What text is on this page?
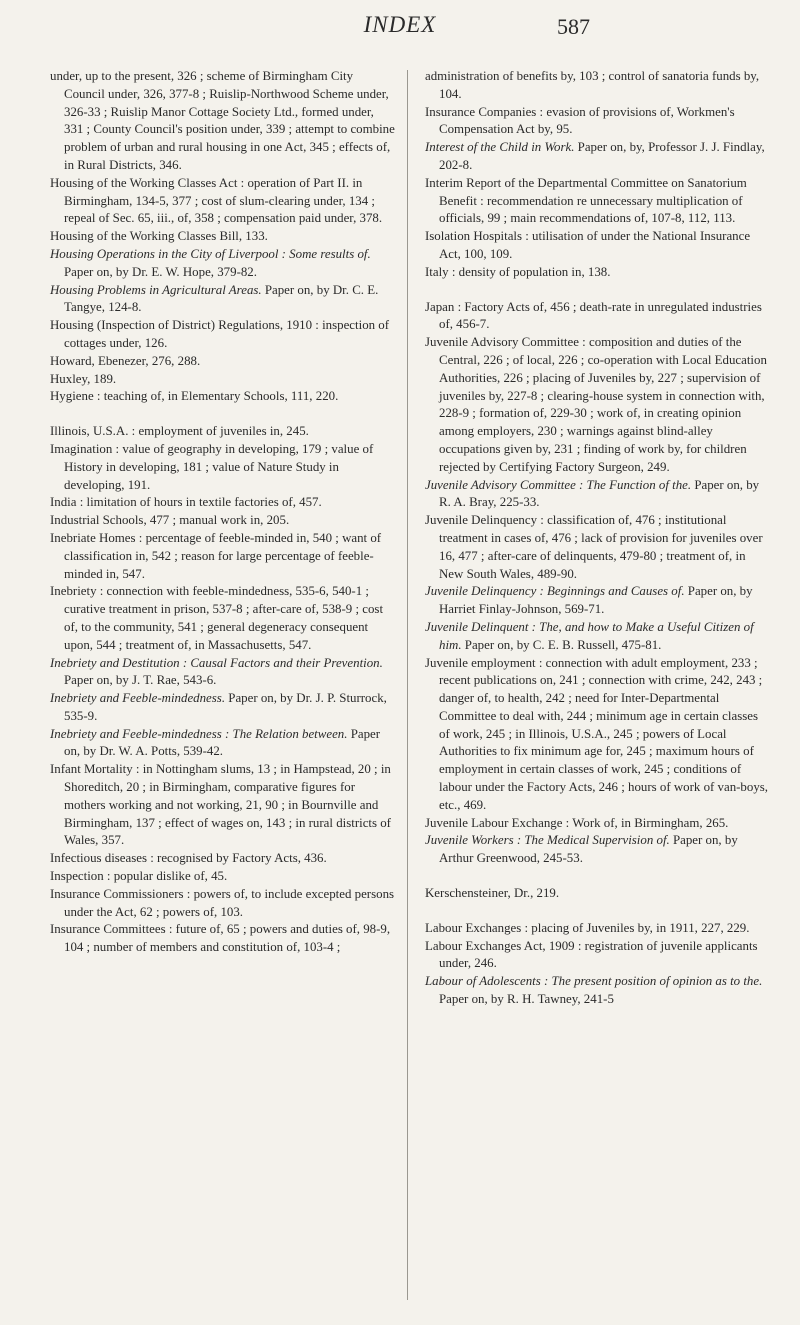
INDEX	587

under, up to the present, 326 ; scheme of Birmingham City Council under, 326, 377-8 ; Ruislip-Northwood Scheme under, 326-33 ; Ruislip Manor Cottage Society Ltd., formed under, 331 ; County Council's position under, 339 ; attempt to combine problem of urban and rural housing in one Act, 345 ; effects of, in Rural Districts, 346.

Housing of the Working Classes Act : operation of Part II. in Birmingham, 134-5, 377 ; cost of slum-clearing under, 134 ; repeal of Sec. 65, iii., of, 358 ; compensation paid under, 378.

Housing of the Working Classes Bill, 133.

Housing Operations in the City of Liverpool : Some results of. Paper on, by Dr. E. W. Hope, 379-82.

Housing Problems in Agricultural Areas. Paper on, by Dr. C. E. Tangye, 124-8.

Housing (Inspection of District) Regulations, 1910 : inspection of cottages under, 126.

Howard, Ebenezer, 276, 288.

Huxley, 189.

Hygiene : teaching of, in Elementary Schools, 111, 220.

Illinois, U.S.A. : employment of juveniles in, 245.

Imagination : value of geography in developing, 179 ; value of History in developing, 181 ; value of Nature Study in developing, 191.

India : limitation of hours in textile factories of, 457.

Industrial Schools, 477 ; manual work in, 205.

Inebriate Homes : percentage of feeble-minded in, 540 ; want of classification in, 542 ; reason for large percentage of feeble-minded in, 547.

Inebriety : connection with feeble-mindedness, 535-6, 540-1 ; curative treatment in prison, 537-8 ; after-care of, 538-9 ; cost of, to the community, 541 ; general degeneracy consequent upon, 544 ; treatment of, in Massachusetts, 547.

Inebriety and Destitution : Causal Factors and their Prevention. Paper on, by J. T. Rae, 543-6.

Inebriety and Feeble-mindedness. Paper on, by Dr. J. P. Sturrock, 535-9.

Inebriety and Feeble-mindedness : The Relation between. Paper on, by Dr. W. A. Potts, 539-42.

Infant Mortality : in Nottingham slums, 13 ; in Hampstead, 20 ; in Shoreditch, 20 ; in Birmingham, comparative figures for mothers working and not working, 21, 90 ; in Bournville and Birmingham, 137 ; effect of wages on, 143 ; in rural districts of Wales, 357.

Infectious diseases : recognised by Factory Acts, 436.

Inspection : popular dislike of, 45.

Insurance Commissioners : powers of, to include excepted persons under the Act, 62 ; powers of, 103.

Insurance Committees : future of, 65 ; powers and duties of, 98-9, 104 ; number of members and constitution of, 103-4 ;

administration of benefits by, 103 ; control of sanatoria funds by, 104.

Insurance Companies : evasion of provisions of, Workmen's Compensation Act by, 95.

Interest of the Child in Work. Paper on, by, Professor J. J. Findlay, 202-8.

Interim Report of the Departmental Committee on Sanatorium Benefit : recommendation re unnecessary multiplication of officials, 99 ; main recommendations of, 107-8, 112, 113.

Isolation Hospitals : utilisation of under the National Insurance Act, 100, 109.

Italy : density of population in, 138.

Japan : Factory Acts of, 456 ; death-rate in unregulated industries of, 456-7.

Juvenile Advisory Committee : composition and duties of the Central, 226 ; of local, 226 ; co-operation with Local Education Authorities, 226 ; placing of Juveniles by, 227 ; supervision of juveniles by, 227-8 ; clearing-house system in connection with, 228-9 ; formation of, 229-30 ; work of, in creating opinion among employers, 230 ; warnings against blind-alley occupations given by, 231 ; finding of work by, for children rejected by Certifying Factory Surgeon, 249.

Juvenile Advisory Committee : The Function of the. Paper on, by R. A. Bray, 225-33.

Juvenile Delinquency : classification of, 476 ; institutional treatment in cases of, 476 ; lack of provision for juveniles over 16, 477 ; after-care of delinquents, 479-80 ; treatment of, in New South Wales, 489-90.

Juvenile Delinquency : Beginnings and Causes of. Paper on, by Harriet Finlay-Johnson, 569-71.

Juvenile Delinquent : The, and how to Make a Useful Citizen of him. Paper on, by C. E. B. Russell, 475-81.

Juvenile employment : connection with adult employment, 233 ; recent publications on, 241 ; connection with crime, 242, 243 ; danger of, to health, 242 ; need for Inter-Departmental Committee to deal with, 244 ; minimum age in certain classes of work, 245 ; in Illinois, U.S.A., 245 ; powers of Local Authorities to fix minimum age for, 245 ; maximum hours of employment in certain classes of work, 245 ; conditions of labour under the Factory Acts, 246 ; hours of work of van-boys, etc., 469.

Juvenile Labour Exchange : Work of, in Birmingham, 265.

Juvenile Workers : The Medical Supervision of. Paper on, by Arthur Greenwood, 245-53.

Kerschensteiner, Dr., 219.

Labour Exchanges : placing of Juveniles by, in 1911, 227, 229.

Labour Exchanges Act, 1909 : registration of juvenile applicants under, 246.

Labour of Adolescents : The present position of opinion as to the. Paper on, by R. H. Tawney, 241-5
